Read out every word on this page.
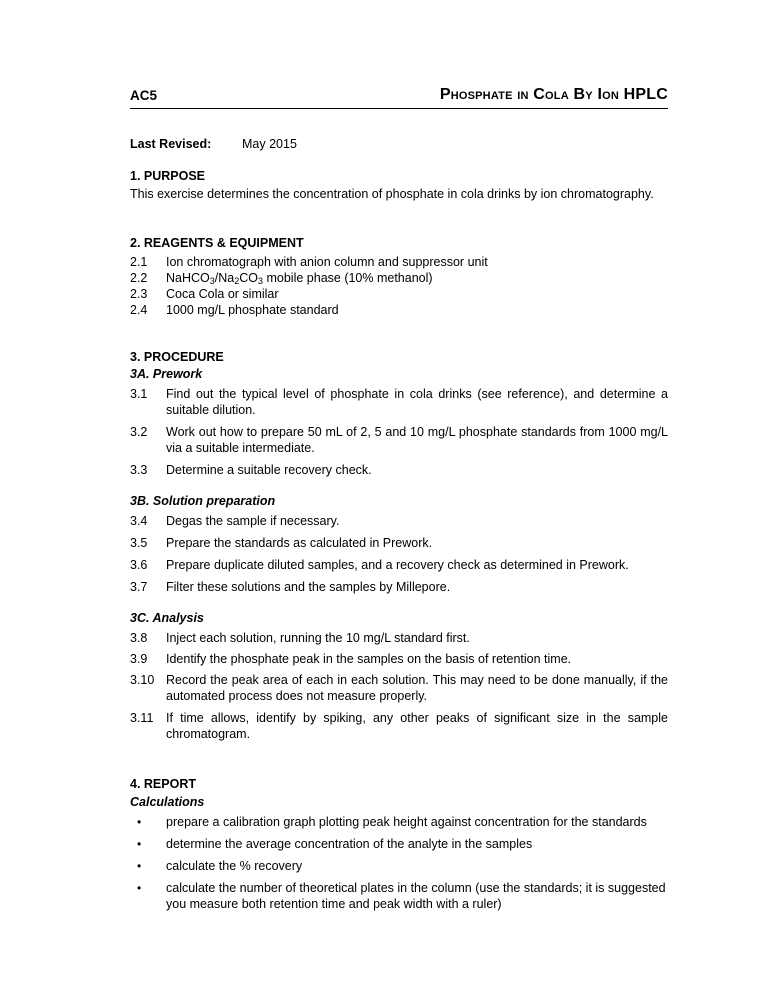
AC5	Phosphate in Cola By Ion HPLC
Last Revised: May 2015
1. PURPOSE
This exercise determines the concentration of phosphate in cola drinks by ion chromatography.
2. REAGENTS & EQUIPMENT
2.1	Ion chromatograph with anion column and suppressor unit
2.2	$NaHCO_3/Na_2CO_3$ mobile phase (10% methanol)
2.3	Coca Cola or similar
2.4	1000 mg/L phosphate standard
3. PROCEDURE
3A. Prework
3.1	Find out the typical level of phosphate in cola drinks (see reference), and determine a suitable dilution.
3.2	Work out how to prepare 50 mL of 2, 5 and 10 mg/L phosphate standards from 1000 mg/L via a suitable intermediate.
3.3	Determine a suitable recovery check.
3B. Solution preparation
3.4	Degas the sample if necessary.
3.5	Prepare the standards as calculated in Prework.
3.6	Prepare duplicate diluted samples, and a recovery check as determined in Prework.
3.7	Filter these solutions and the samples by Millepore.
3C. Analysis
3.8	Inject each solution, running the 10 mg/L standard first.
3.9	Identify the phosphate peak in the samples on the basis of retention time.
3.10 Record the peak area of each in each solution. This may need to be done manually, if the automated process does not measure properly.
3.11	If time allows, identify by spiking, any other peaks of significant size in the sample chromatogram.
4. REPORT
Calculations
• prepare a calibration graph plotting peak height against concentration for the standards
• determine the average concentration of the analyte in the samples
• calculate the % recovery
• calculate the number of theoretical plates in the column (use the standards; it is suggested you measure both retention time and peak width with a ruler)
